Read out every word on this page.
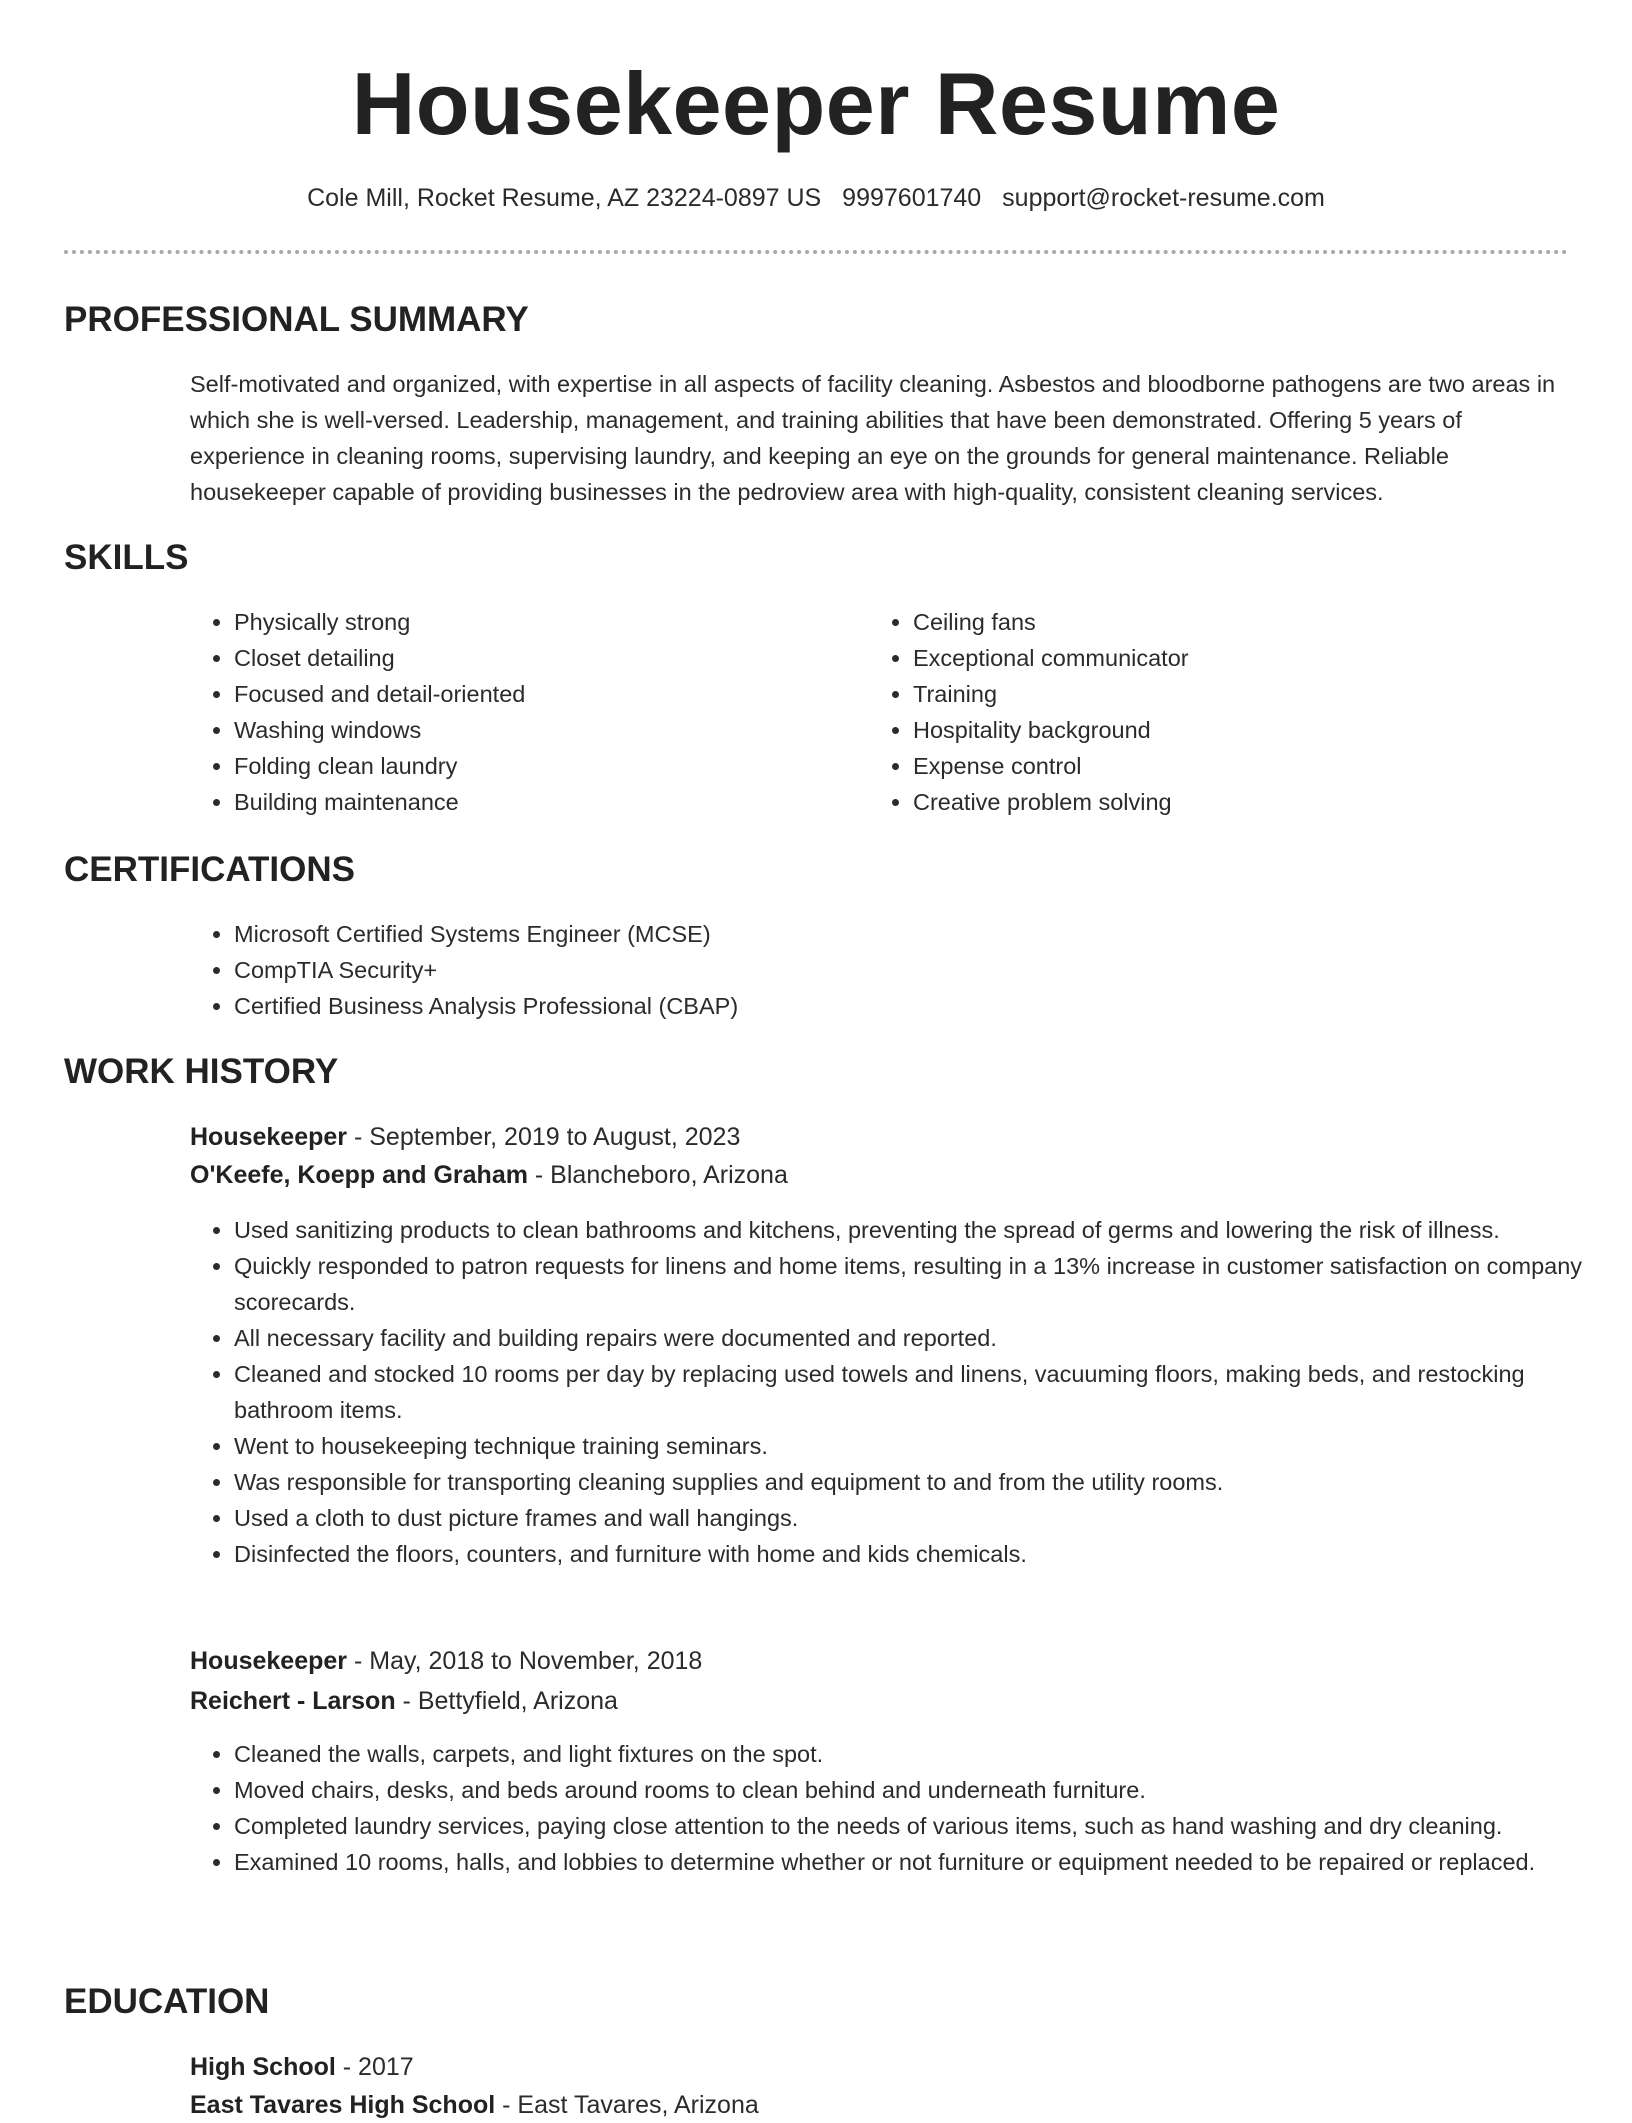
Housekeeper Resume
Cole Mill, Rocket Resume, AZ 23224-0897 US 9997601740 support@rocket-resume.com
PROFESSIONAL SUMMARY

Self-motivated and organized, with expertise in all aspects of facility cleaning. Asbestos and bloodborne pathogens are two areas in which she is well-versed. Leadership, management, and training abilities that have been demonstrated. Offering 5 years of experience in cleaning rooms, supervising laundry, and keeping an eye on the grounds for general maintenance. Reliable housekeeper capable of providing businesses in the pedroview area with high-quality, consistent cleaning services.

SKILLS
• Physically strong
• Closet detailing
• Focused and detail-oriented
• Washing windows
• Folding clean laundry
• Building maintenance
• Ceiling fans
• Exceptional communicator
• Training
• Hospitality background
• Expense control
• Creative problem solving
CERTIFICATIONS
• Microsoft Certified Systems Engineer (MCSE)
• CompTIA Security+
• Certified Business Analysis Professional (CBAP)
WORK HISTORY
Housekeeper - September, 2019 to August, 2023
O'Keefe, Koepp and Graham - Blancheboro, Arizona
• Used sanitizing products to clean bathrooms and kitchens, preventing the spread of germs and lowering the risk of illness.
• Quickly responded to patron requests for linens and home items, resulting in a 13% increase in customer satisfaction on company scorecards.
• All necessary facility and building repairs were documented and reported.
• Cleaned and stocked 10 rooms per day by replacing used towels and linens, vacuuming floors, making beds, and restocking bathroom items.
• Went to housekeeping technique training seminars.
• Was responsible for transporting cleaning supplies and equipment to and from the utility rooms.
• Used a cloth to dust picture frames and wall hangings.
• Disinfected the floors, counters, and furniture with home and kids chemicals.
Housekeeper - May, 2018 to November, 2018
Reichert - Larson - Bettyfield, Arizona
• Cleaned the walls, carpets, and light fixtures on the spot.
• Moved chairs, desks, and beds around rooms to clean behind and underneath furniture.
• Completed laundry services, paying close attention to the needs of various items, such as hand washing and dry cleaning.
• Examined 10 rooms, halls, and lobbies to determine whether or not furniture or equipment needed to be repaired or replaced.
EDUCATION
High School - 2017
East Tavares High School - East Tavares, Arizona
